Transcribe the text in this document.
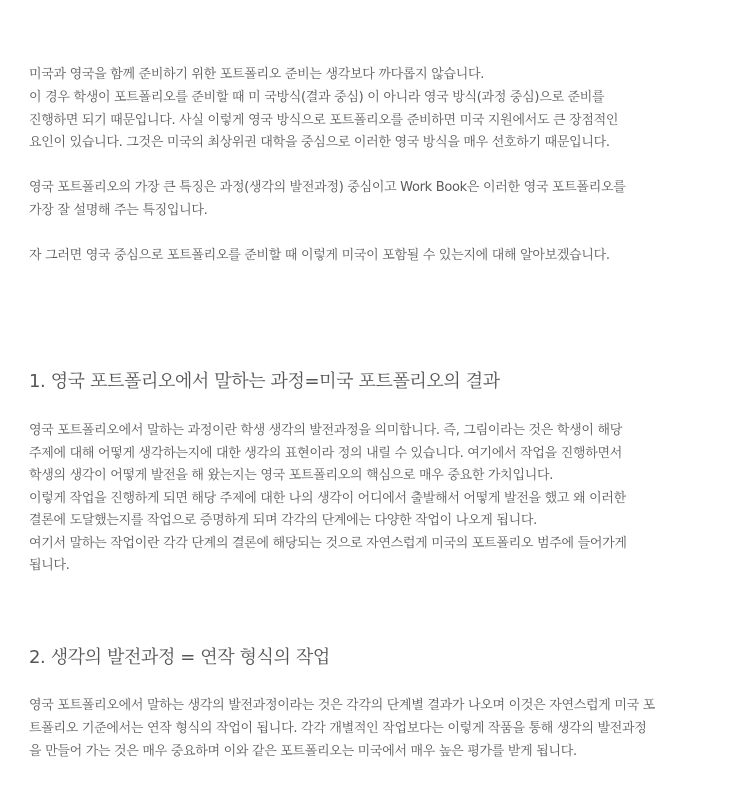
미국과 영국을 함께 준비하기 위한 포트폴리오 준비는 생각보다 까다롭지 않습니다.
이 경우 학생이 포트폴리오를 준비할 때 미 국방식(결과 중심) 이 아니라 영국 방식(과정 중심)으로 준비를
진행하면 되기 때문입니다. 사실 이렇게 영국 방식으로 포트폴리오를 준비하면 미국 지원에서도 큰 장점적인
요인이 있습니다. 그것은 미국의 최상위권 대학을 중심으로 이러한 영국 방식을 매우 선호하기 때문입니다.
영국 포트폴리오의 가장 큰 특징은 과정(생각의 발전과정) 중심이고 Work Book은 이러한 영국 포트폴리오를
가장 잘 설명해 주는 특징입니다.
자 그러면 영국 중심으로 포트폴리오를 준비할 때 이렇게 미국이 포함될 수 있는지에 대해 알아보겠습니다.
1. 영국 포트폴리오에서 말하는 과정=미국 포트폴리오의 결과
영국 포트폴리오에서 말하는 과정이란 학생 생각의 발전과정을 의미합니다. 즉, 그림이라는 것은 학생이 해당
주제에 대해 어떻게 생각하는지에 대한 생각의 표현이라 정의 내릴 수 있습니다. 여기에서 작업을 진행하면서
학생의 생각이 어떻게 발전을 해 왔는지는 영국 포트폴리오의 핵심으로 매우 중요한 가치입니다.
이렇게 작업을 진행하게 되면 해당 주제에 대한 나의 생각이 어디에서 출발해서 어떻게 발전을 했고 왜 이러한
결론에 도달했는지를 작업으로 증명하게 되며 각각의 단계에는 다양한 작업이 나오게 됩니다.
여기서 말하는 작업이란 각각 단계의 결론에 해당되는 것으로 자연스럽게 미국의 포트폴리오 범주에 들어가게
됩니다.
2. 생각의 발전과정 = 연작 형식의 작업
영국 포트폴리오에서 말하는 생각의 발전과정이라는 것은 각각의 단계별 결과가 나오며 이것은 자연스럽게 미국 포
트폴리오 기준에서는 연작 형식의 작업이 됩니다. 각각 개별적인 작업보다는 이렇게 작품을 통해 생각의 발전과정
을 만들어 가는 것은 매우 중요하며 이와 같은 포트폴리오는 미국에서 매우 높은 평가를 받게 됩니다.
